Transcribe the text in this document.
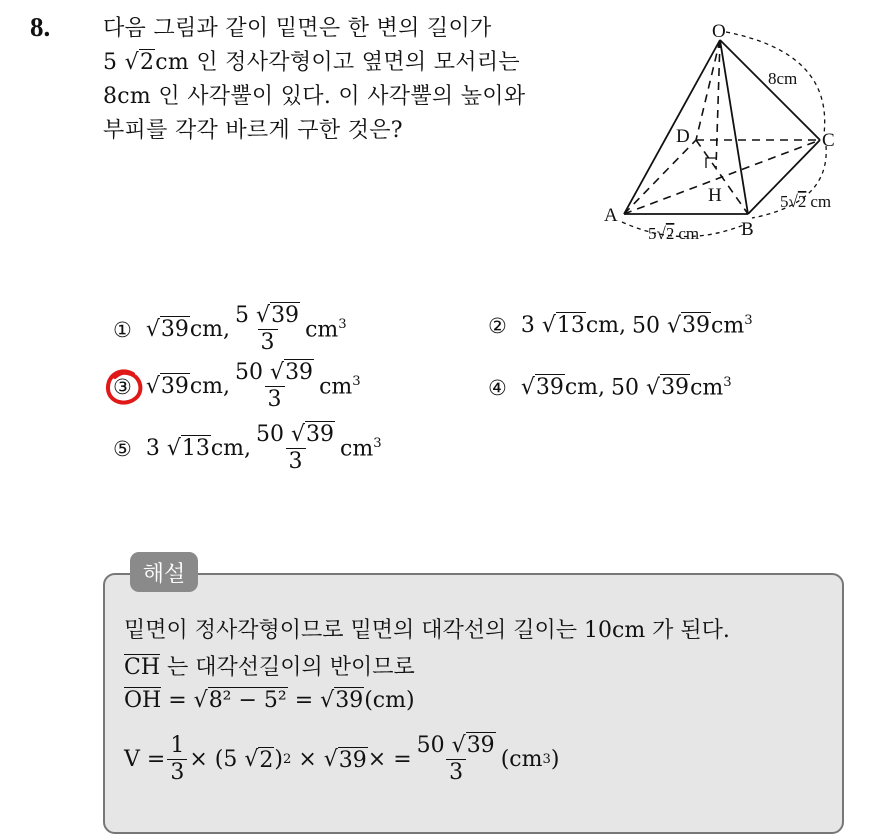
8. 다음 그림과 같이 밑면은 한 변의 길이가
5 √2cm 인 정사각형이고 옆면의 모서리는
8cm 인 사각뿔이 있다. 이 사각뿔의 높이와
부피를 각각 바르게 구한 것은?
O
A
B
C
D
H
8cm
5√2 cm
5√2 cm
① √39cm, $\frac{5 √39}{3} cm^3$	② 3 √13cm, 50 $√39cm^3$
③ √39cm, $\frac{50 √39}{3} cm^3$	④ √39cm, 50 $√39cm^3$
⑤ 3 √13cm, $\frac{50 √39}{3} cm^3$
해설
밑면이 정사각형이므로 밑면의 대각선의 길이는 10cm 가 된다.
CH 는 대각선길이의 반이므로
OH = √8² − 5² = √39(cm)
$V = \frac{1}{3} \times (5$ √ 2 ) 2
× √ 39 × = $\frac{50 √39}{3} (cm$ 3 )
